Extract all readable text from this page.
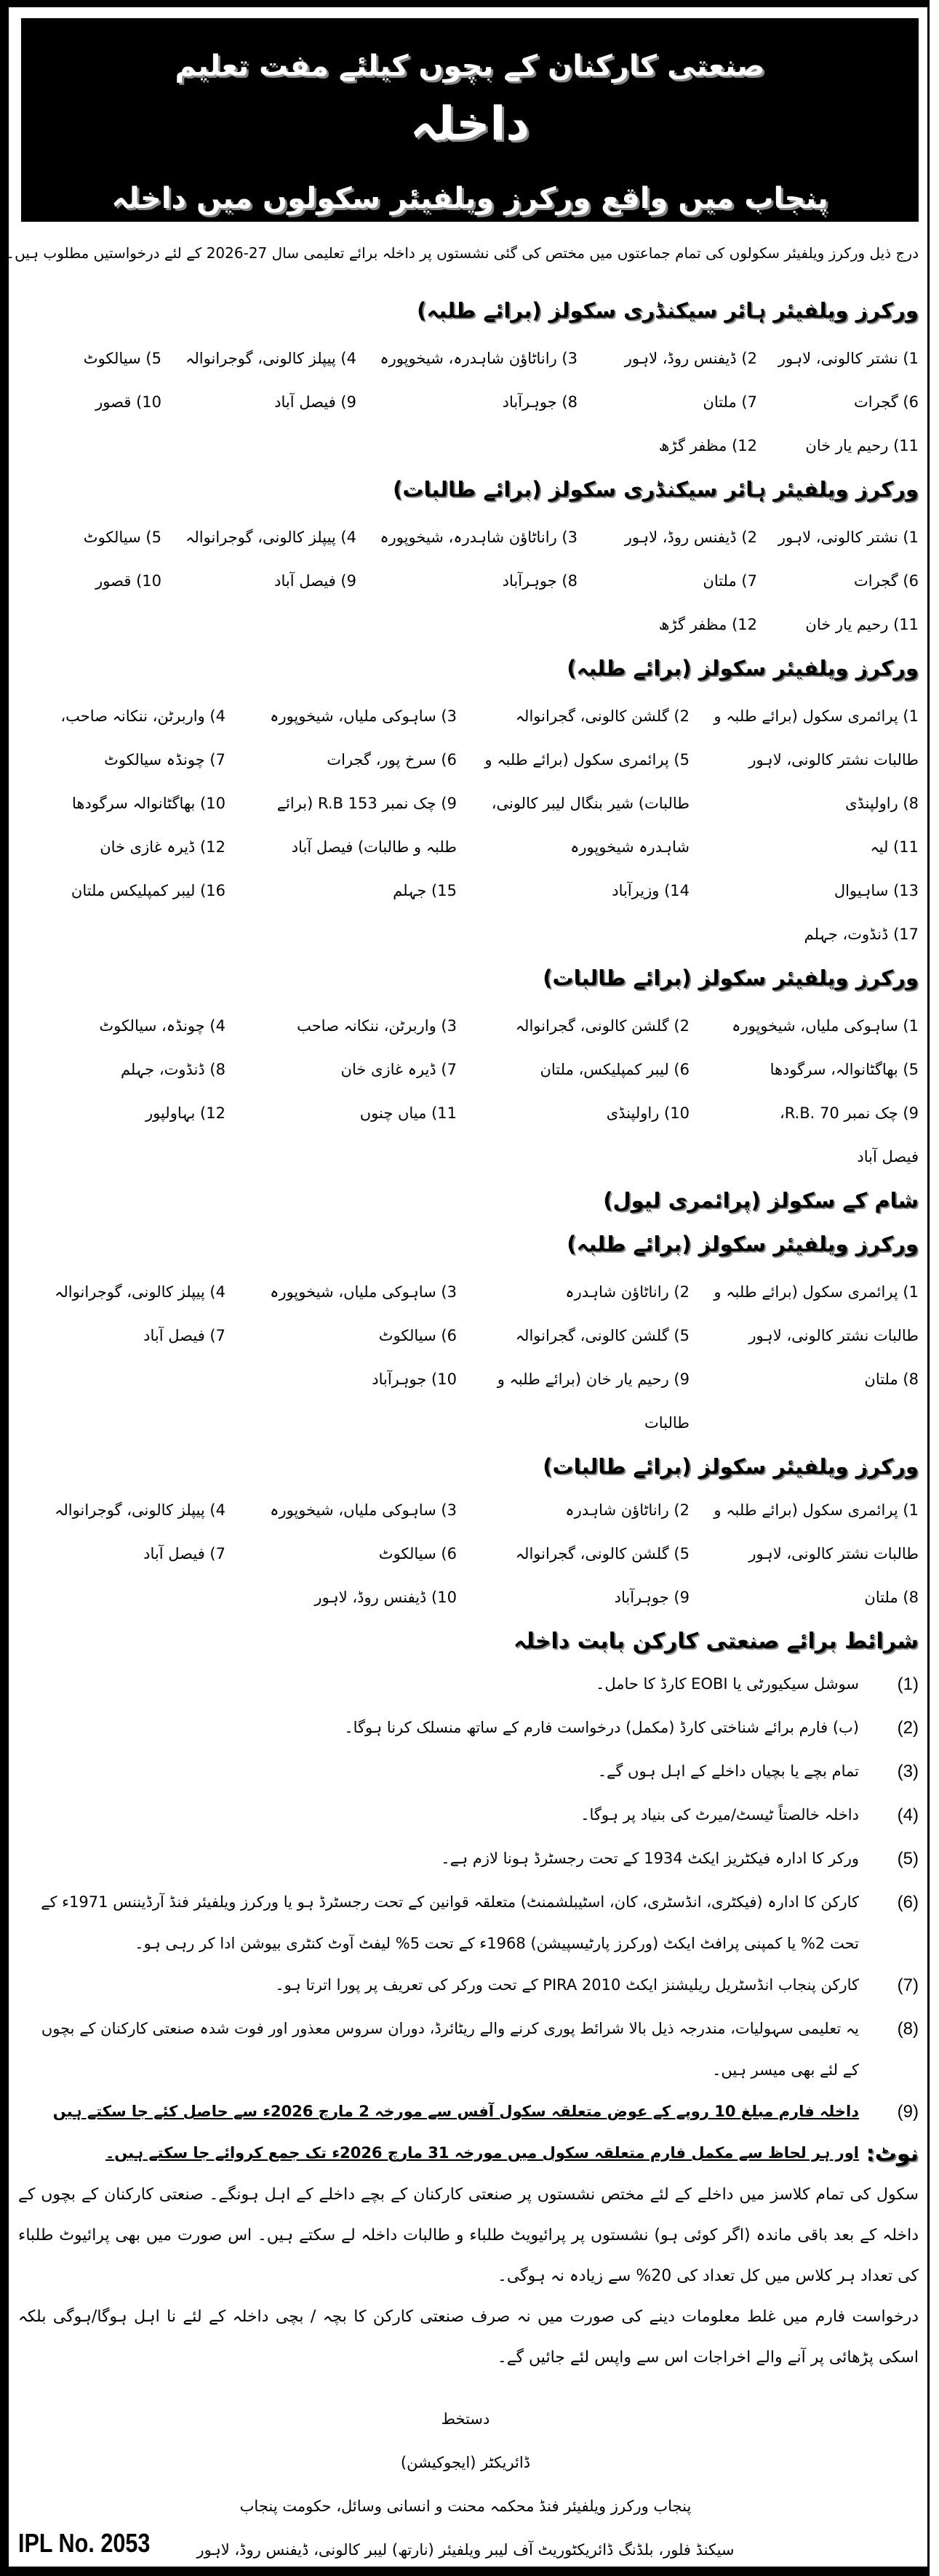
صنعتی کارکنان کے بچوں کیلئے مفت تعلیم
داخلہ
پنجاب میں واقع ورکرز ویلفیئر سکولوں میں داخلہ
درج ذیل ورکرز ویلفیئر سکولوں کی تمام جماعتوں میں مختص کی گئی نشستوں پر داخلہ برائے تعلیمی سال 27-2026 کے لئے درخواستیں مطلوب ہیں۔
ورکرز ویلفیئر ہائر سیکنڈری سکولز (برائے طلبہ)
1) نشتر کالونی، لاہور
2) ڈیفنس روڈ، لاہور
3) راناٹاؤن شاہدرہ، شیخوپورہ
4) پیپلز کالونی، گوجرانوالہ
5) سیالکوٹ
6) گجرات
7) ملتان
8) جوہرآباد
9) فیصل آباد
10) قصور
11) رحیم یار خان
12) مظفر گڑھ
ورکرز ویلفیئر ہائر سیکنڈری سکولز (برائے طالبات)
1) نشتر کالونی، لاہور
2) ڈیفنس روڈ، لاہور
3) راناٹاؤن شاہدرہ، شیخوپورہ
4) پیپلز کالونی، گوجرانوالہ
5) سیالکوٹ
6) گجرات
7) ملتان
8) جوہرآباد
9) فیصل آباد
10) قصور
11) رحیم یار خان
12) مظفر گڑھ
ورکرز ویلفیئر سکولز (برائے طلبہ)
1) پرائمری سکول (برائے طلبہ و
2) گلشن کالونی، گجرانوالہ
3) ساہوکی ملیاں، شیخوپورہ
4) واربرٹن، ننکانہ صاحب،
طالبات نشتر کالونی، لاہور
5) پرائمری سکول (برائے طلبہ و
6) سرخ پور، گجرات
7) چونڈہ سیالکوٹ
8) راولپنڈی
طالبات) شیر بنگال لیبر کالونی،
9) چک نمبر R.B 153 (برائے
10) بھاگٹانوالہ سرگودھا
11) لیہ
شاہدرہ شیخوپورہ
طلبہ و طالبات) فیصل آباد
12) ڈیرہ غازی خان
13) ساہیوال
14) وزیرآباد
15) جہلم
16) لیبر کمپلیکس ملتان
17) ڈنڈوت، جہلم
ورکرز ویلفیئر سکولز (برائے طالبات)
1) ساہوکی ملیاں، شیخوپورہ
2) گلشن کالونی، گجرانوالہ
3) واربرٹن، ننکانہ صاحب
4) چونڈہ، سیالکوٹ
5) بھاگٹانوالہ، سرگودھا
6) لیبر کمپلیکس، ملتان
7) ڈیرہ غازی خان
8) ڈنڈوت، جہلم
9) چک نمبر R.B. 70،
10) راولپنڈی
11) میاں چنوں
12) بہاولپور
فیصل آباد
شام کے سکولز (پرائمری لیول)
ورکرز ویلفیئر سکولز (برائے طلبہ)
1) پرائمری سکول (برائے طلبہ و
2) راناٹاؤن شاہدرہ
3) ساہوکی ملیاں، شیخوپورہ
4) پیپلز کالونی، گوجرانوالہ
طالبات نشتر کالونی، لاہور
5) گلشن کالونی، گجرانوالہ
6) سیالکوٹ
7) فیصل آباد
8) ملتان
9) رحیم یار خان (برائے طلبہ و
10) جوہرآباد
طالبات
ورکرز ویلفیئر سکولز (برائے طالبات)
1) پرائمری سکول (برائے طلبہ و
2) راناٹاؤن شاہدرہ
3) ساہوکی ملیاں، شیخوپورہ
4) پیپلز کالونی، گوجرانوالہ
طالبات نشتر کالونی، لاہور
5) گلشن کالونی، گجرانوالہ
6) سیالکوٹ
7) فیصل آباد
8) ملتان
9) جوہرآباد
10) ڈیفنس روڈ، لاہور
شرائط برائے صنعتی کارکن بابت داخلہ
(1)
سوشل سیکیورٹی یا EOBI کارڈ کا حامل۔
(2)
(ب) فارم برائے شناختی کارڈ (مکمل) درخواست فارم کے ساتھ منسلک کرنا ہوگا۔
(3)
تمام بچے یا بچیاں داخلے کے اہل ہوں گے۔
(4)
داخلہ خالصتاً ٹیسٹ/میرٹ کی بنیاد پر ہوگا۔
(5)
ورکر کا ادارہ فیکٹریز ایکٹ 1934 کے تحت رجسٹرڈ ہونا لازم ہے۔
(6)
کارکن کا ادارہ (فیکٹری، انڈسٹری، کان، اسٹیبلشمنٹ) متعلقہ قوانین کے تحت رجسٹرڈ ہو یا ورکرز ویلفیئر فنڈ آرڈیننس 1971ء کے تحت 2% یا کمپنی پرافٹ ایکٹ (ورکرز پارٹیسپیشن) 1968ء کے تحت 5% لیفٹ آوٹ کنٹری بیوشن ادا کر رہی ہو۔
(7)
کارکن پنجاب انڈسٹریل ریلیشنز ایکٹ PIRA 2010 کے تحت ورکر کی تعریف پر پورا اترتا ہو۔
(8)
یہ تعلیمی سہولیات، مندرجہ ذیل بالا شرائط پوری کرنے والے ریٹائرڈ، دوران سروس معذور اور فوت شدہ صنعتی کارکنان کے بچوں کے لئے بھی میسر ہیں۔
(9)
داخلہ فارم مبلغ 10 روپے کے عوض متعلقہ سکول آفس سے مورخہ 2 مارچ 2026ء سے حاصل کئے جا سکتے ہیں اور ہر لحاظ سے مکمل فارم متعلقہ سکول میں مورخہ 31 مارچ 2026ء تک جمع کروائے جا سکتے ہیں۔ نوٹ:

سکول کی تمام کلاسز میں داخلے کے لئے مختص نشستوں پر صنعتی کارکنان کے بچے داخلے کے اہل ہونگے۔ صنعتی کارکنان کے بچوں کے داخلہ کے بعد باقی ماندہ (اگر کوئی ہو) نشستوں پر پرائیویٹ طلباء و طالبات داخلہ لے سکتے ہیں۔ اس صورت میں بھی پرائیوٹ طلباء کی تعداد ہر کلاس میں کل تعداد کی 20% سے زیادہ نہ ہوگی۔

درخواست فارم میں غلط معلومات دینے کی صورت میں نہ صرف صنعتی کارکن کا بچہ / بچی داخلہ کے لئے نا اہل ہوگا/ہوگی بلکہ اسکی پڑھائی پر آنے والے اخراجات اس سے واپس لئے جائیں گے۔

دستخط
ڈائریکٹر (ایجوکیشن)
پنجاب ورکرز ویلفیئر فنڈ محکمہ محنت و انسانی وسائل، حکومت پنجاب
سیکنڈ فلور، بلڈنگ ڈائریکٹوریٹ آف لیبر ویلفیئر (نارتھ) لیبر کالونی، ڈیفنس روڈ، لاہور
IPL No. 2053
